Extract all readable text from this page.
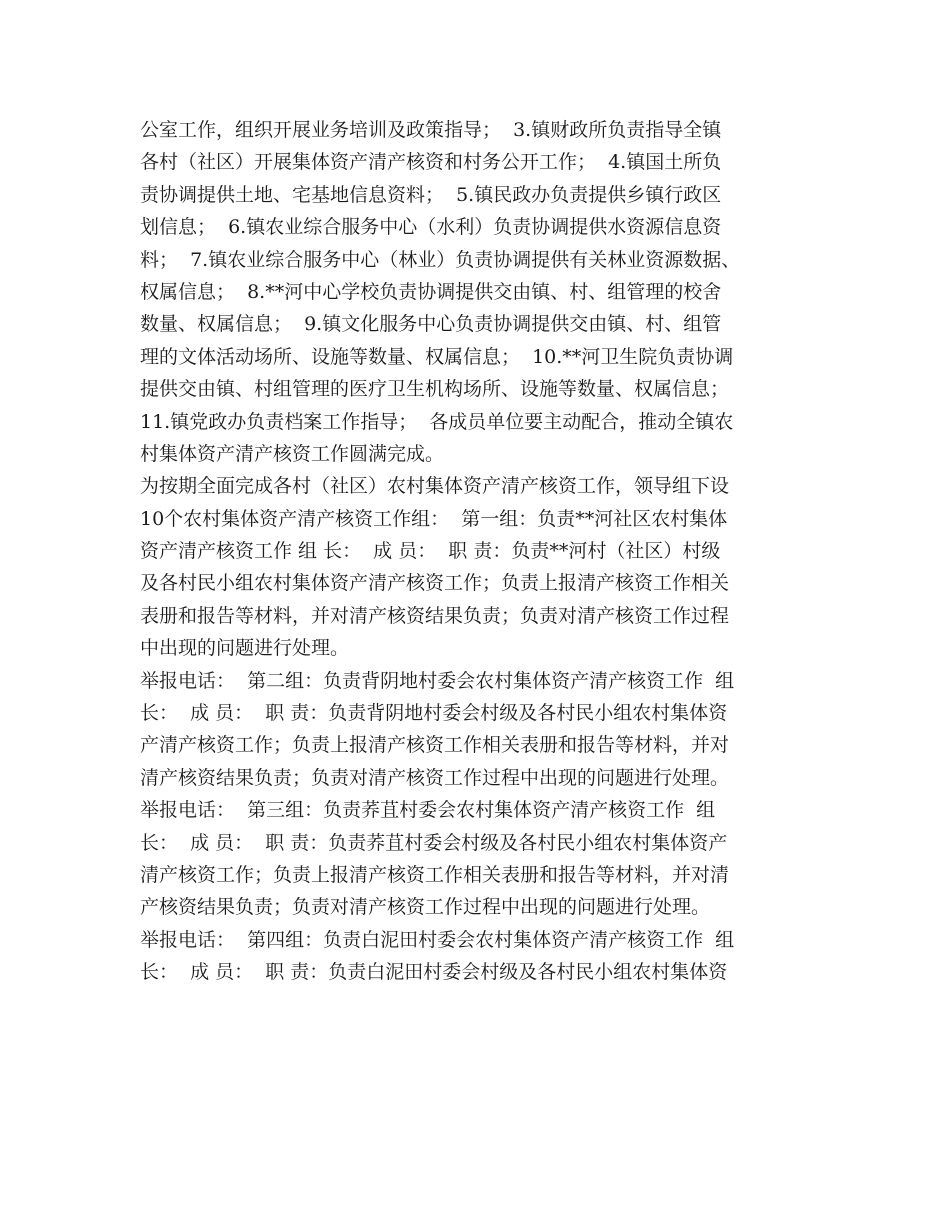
公室工作，组织开展业务培训及政策指导；  3.镇财政所负责指导全镇
各村（社区）开展集体资产清产核资和村务公开工作；  4.镇国土所负
责协调提供土地、宅基地信息资料；  5.镇民政办负责提供乡镇行政区
划信息；  6.镇农业综合服务中心（水利）负责协调提供水资源信息资
料；  7.镇农业综合服务中心（林业）负责协调提供有关林业资源数据、
权属信息；  8.**河中心学校负责协调提供交由镇、村、组管理的校舍
数量、权属信息；  9.镇文化服务中心负责协调提供交由镇、村、组管
理的文体活动场所、设施等数量、权属信息；  10.**河卫生院负责协调
提供交由镇、村组管理的医疗卫生机构场所、设施等数量、权属信息；
11.镇党政办负责档案工作指导；  各成员单位要主动配合，推动全镇农
村集体资产清产核资工作圆满完成。
为按期全面完成各村（社区）农村集体资产清产核资工作，领导组下设
10个农村集体资产清产核资工作组：  第一组：负责**河社区农村集体
资产清产核资工作 组 长：  成 员：  职 责：负责**河村（社区）村级
及各村民小组农村集体资产清产核资工作；负责上报清产核资工作相关
表册和报告等材料，并对清产核资结果负责；负责对清产核资工作过程
中出现的问题进行处理。
举报电话：  第二组：负责背阴地村委会农村集体资产清产核资工作  组
长：  成 员：  职 责：负责背阴地村委会村级及各村民小组农村集体资
产清产核资工作；负责上报清产核资工作相关表册和报告等材料，并对
清产核资结果负责；负责对清产核资工作过程中出现的问题进行处理。
举报电话：  第三组：负责荞苴村委会农村集体资产清产核资工作  组
长：  成 员：  职 责：负责荞苴村委会村级及各村民小组农村集体资产
清产核资工作；负责上报清产核资工作相关表册和报告等材料，并对清
产核资结果负责；负责对清产核资工作过程中出现的问题进行处理。
举报电话：  第四组：负责白泥田村委会农村集体资产清产核资工作  组
长：  成 员：  职 责：负责白泥田村委会村级及各村民小组农村集体资
